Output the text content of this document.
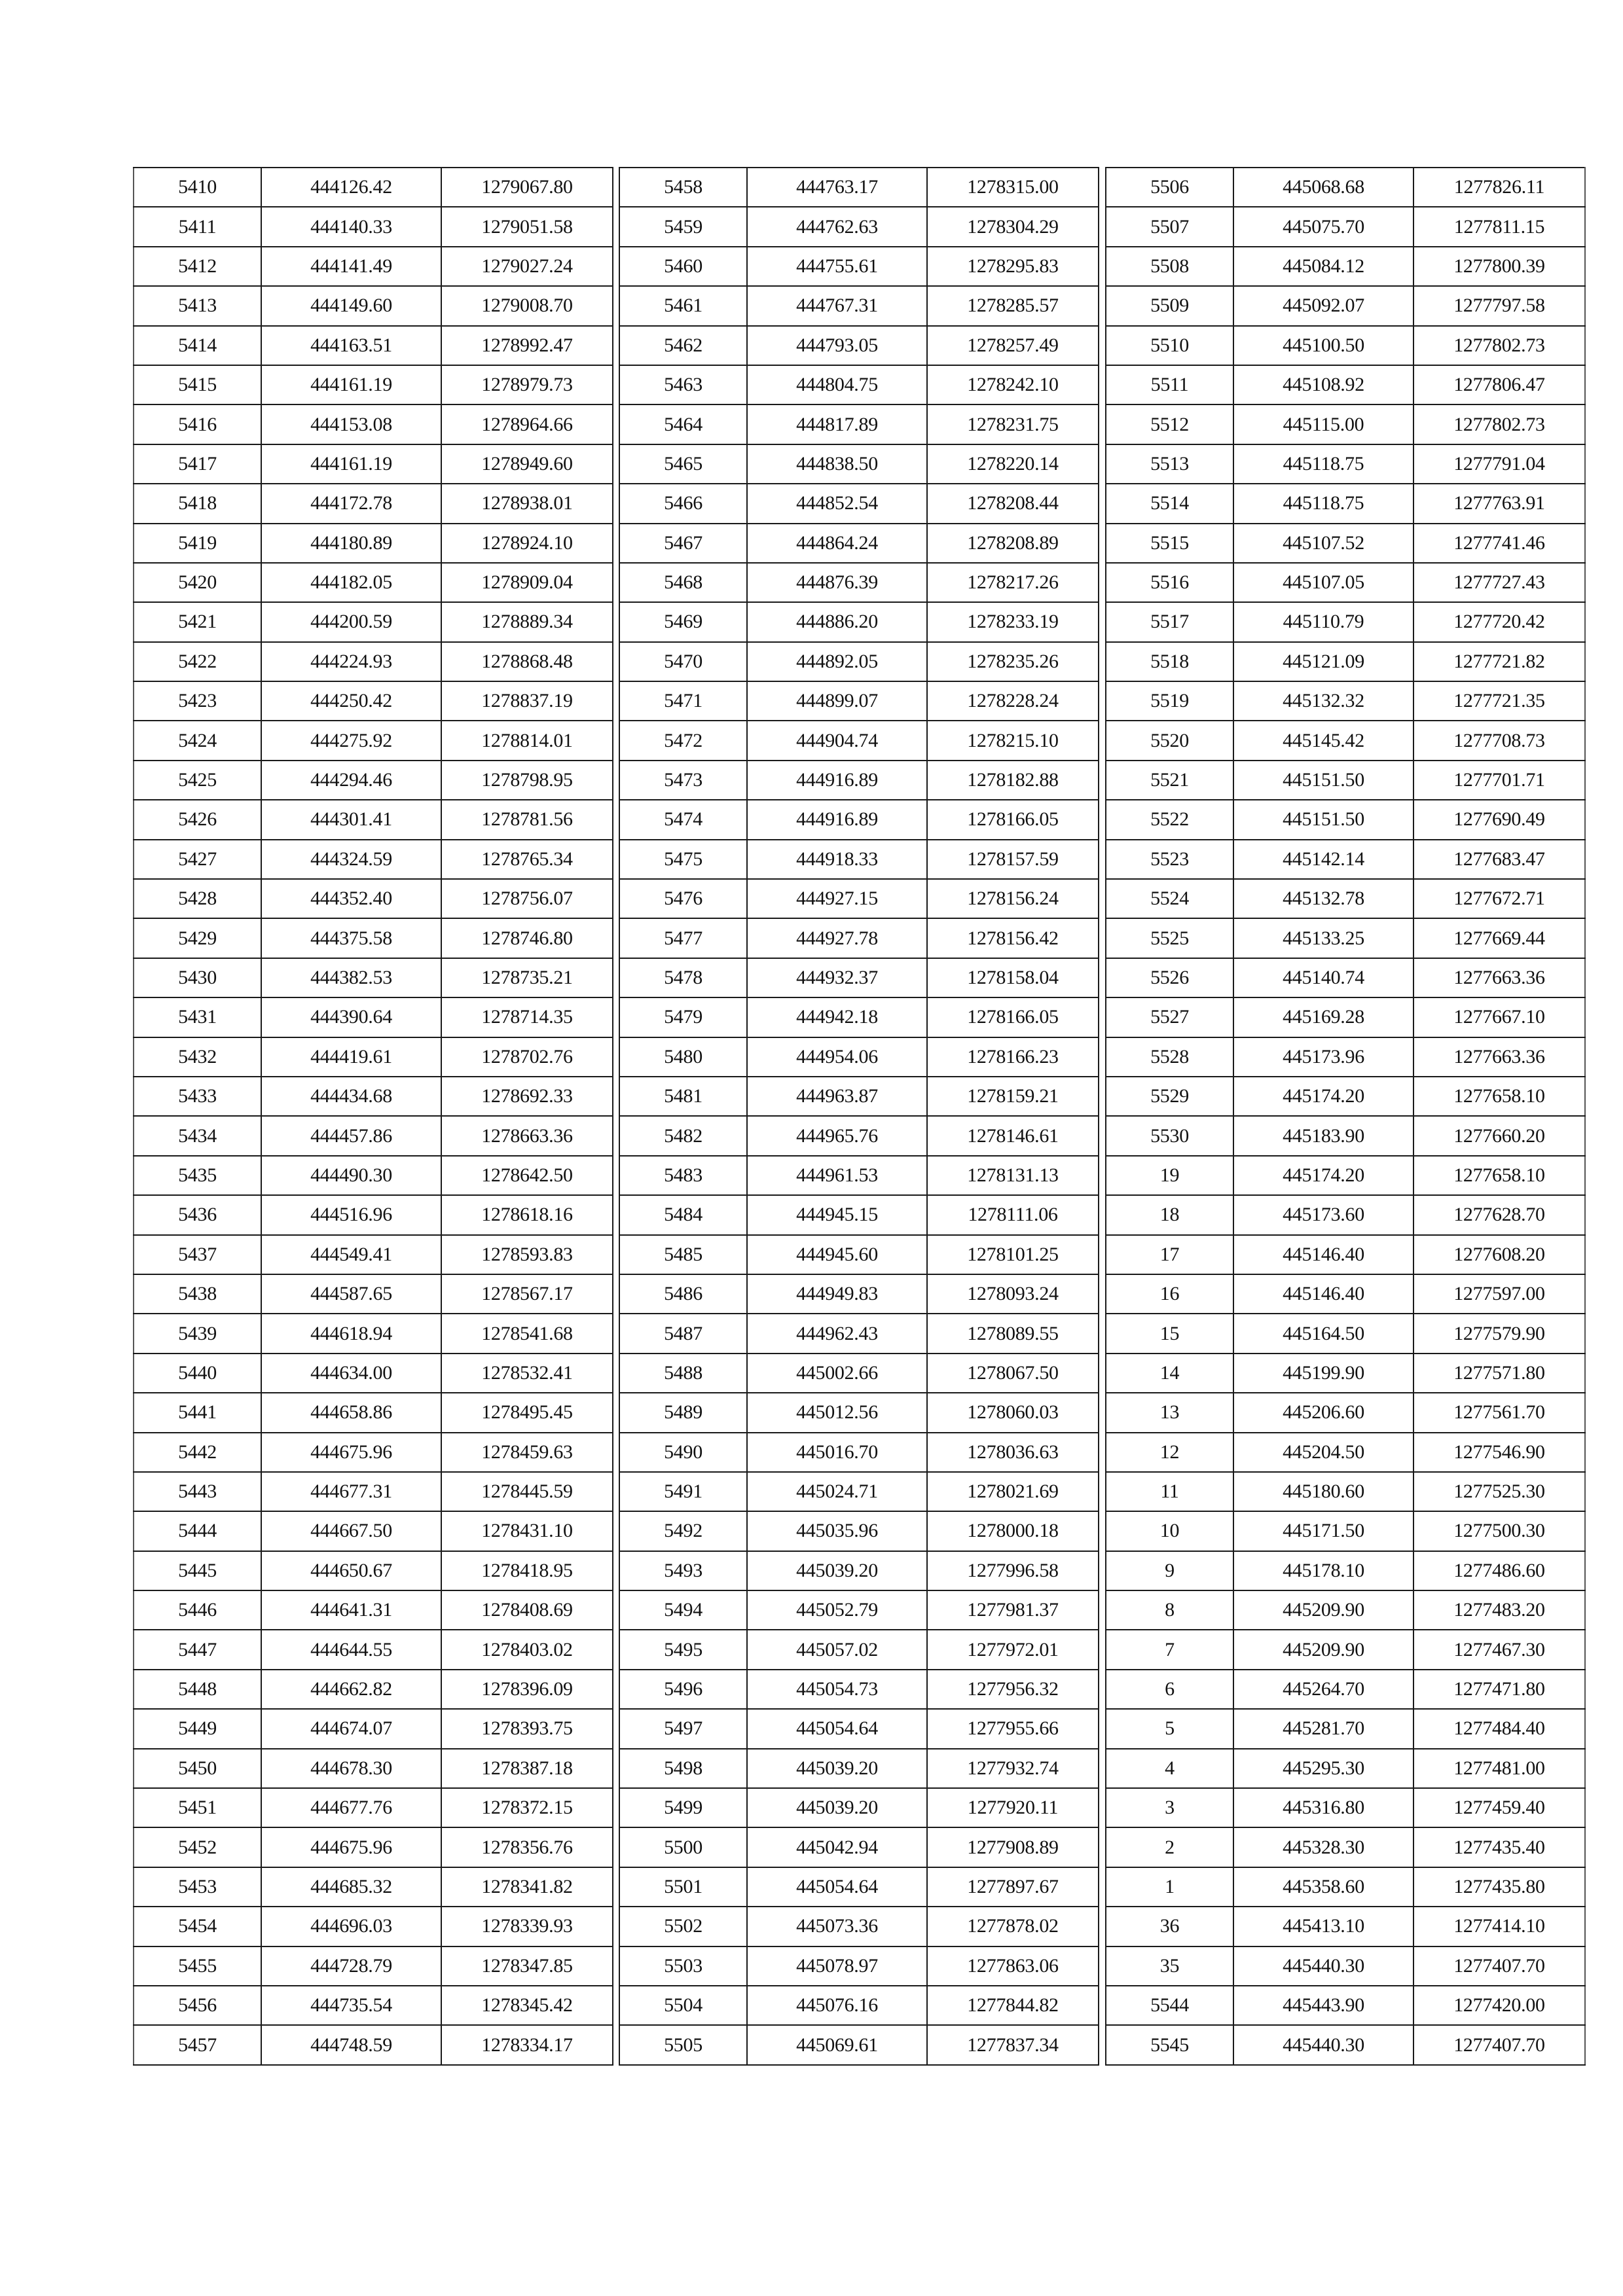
5410	444126.42	1279067.80
5411	444140.33	1279051.58
5412	444141.49	1279027.24
5413	444149.60	1279008.70
5414	444163.51	1278992.47
5415	444161.19	1278979.73
5416	444153.08	1278964.66
5417	444161.19	1278949.60
5418	444172.78	1278938.01
5419	444180.89	1278924.10
5420	444182.05	1278909.04
5421	444200.59	1278889.34
5422	444224.93	1278868.48
5423	444250.42	1278837.19
5424	444275.92	1278814.01
5425	444294.46	1278798.95
5426	444301.41	1278781.56
5427	444324.59	1278765.34
5428	444352.40	1278756.07
5429	444375.58	1278746.80
5430	444382.53	1278735.21
5431	444390.64	1278714.35
5432	444419.61	1278702.76
5433	444434.68	1278692.33
5434	444457.86	1278663.36
5435	444490.30	1278642.50
5436	444516.96	1278618.16
5437	444549.41	1278593.83
5438	444587.65	1278567.17
5439	444618.94	1278541.68
5440	444634.00	1278532.41
5441	444658.86	1278495.45
5442	444675.96	1278459.63
5443	444677.31	1278445.59
5444	444667.50	1278431.10
5445	444650.67	1278418.95
5446	444641.31	1278408.69
5447	444644.55	1278403.02
5448	444662.82	1278396.09
5449	444674.07	1278393.75
5450	444678.30	1278387.18
5451	444677.76	1278372.15
5452	444675.96	1278356.76
5453	444685.32	1278341.82
5454	444696.03	1278339.93
5455	444728.79	1278347.85
5456	444735.54	1278345.42
5457	444748.59	1278334.17
5458	444763.17	1278315.00
5459	444762.63	1278304.29
5460	444755.61	1278295.83
5461	444767.31	1278285.57
5462	444793.05	1278257.49
5463	444804.75	1278242.10
5464	444817.89	1278231.75
5465	444838.50	1278220.14
5466	444852.54	1278208.44
5467	444864.24	1278208.89
5468	444876.39	1278217.26
5469	444886.20	1278233.19
5470	444892.05	1278235.26
5471	444899.07	1278228.24
5472	444904.74	1278215.10
5473	444916.89	1278182.88
5474	444916.89	1278166.05
5475	444918.33	1278157.59
5476	444927.15	1278156.24
5477	444927.78	1278156.42
5478	444932.37	1278158.04
5479	444942.18	1278166.05
5480	444954.06	1278166.23
5481	444963.87	1278159.21
5482	444965.76	1278146.61
5483	444961.53	1278131.13
5484	444945.15	1278111.06
5485	444945.60	1278101.25
5486	444949.83	1278093.24
5487	444962.43	1278089.55
5488	445002.66	1278067.50
5489	445012.56	1278060.03
5490	445016.70	1278036.63
5491	445024.71	1278021.69
5492	445035.96	1278000.18
5493	445039.20	1277996.58
5494	445052.79	1277981.37
5495	445057.02	1277972.01
5496	445054.73	1277956.32
5497	445054.64	1277955.66
5498	445039.20	1277932.74
5499	445039.20	1277920.11
5500	445042.94	1277908.89
5501	445054.64	1277897.67
5502	445073.36	1277878.02
5503	445078.97	1277863.06
5504	445076.16	1277844.82
5505	445069.61	1277837.34
5506	445068.68	1277826.11
5507	445075.70	1277811.15
5508	445084.12	1277800.39
5509	445092.07	1277797.58
5510	445100.50	1277802.73
5511	445108.92	1277806.47
5512	445115.00	1277802.73
5513	445118.75	1277791.04
5514	445118.75	1277763.91
5515	445107.52	1277741.46
5516	445107.05	1277727.43
5517	445110.79	1277720.42
5518	445121.09	1277721.82
5519	445132.32	1277721.35
5520	445145.42	1277708.73
5521	445151.50	1277701.71
5522	445151.50	1277690.49
5523	445142.14	1277683.47
5524	445132.78	1277672.71
5525	445133.25	1277669.44
5526	445140.74	1277663.36
5527	445169.28	1277667.10
5528	445173.96	1277663.36
5529	445174.20	1277658.10
5530	445183.90	1277660.20
19	445174.20	1277658.10
18	445173.60	1277628.70
17	445146.40	1277608.20
16	445146.40	1277597.00
15	445164.50	1277579.90
14	445199.90	1277571.80
13	445206.60	1277561.70
12	445204.50	1277546.90
11	445180.60	1277525.30
10	445171.50	1277500.30
9	445178.10	1277486.60
8	445209.90	1277483.20
7	445209.90	1277467.30
6	445264.70	1277471.80
5	445281.70	1277484.40
4	445295.30	1277481.00
3	445316.80	1277459.40
2	445328.30	1277435.40
1	445358.60	1277435.80
36	445413.10	1277414.10
35	445440.30	1277407.70
5544	445443.90	1277420.00
5545	445440.30	1277407.70
